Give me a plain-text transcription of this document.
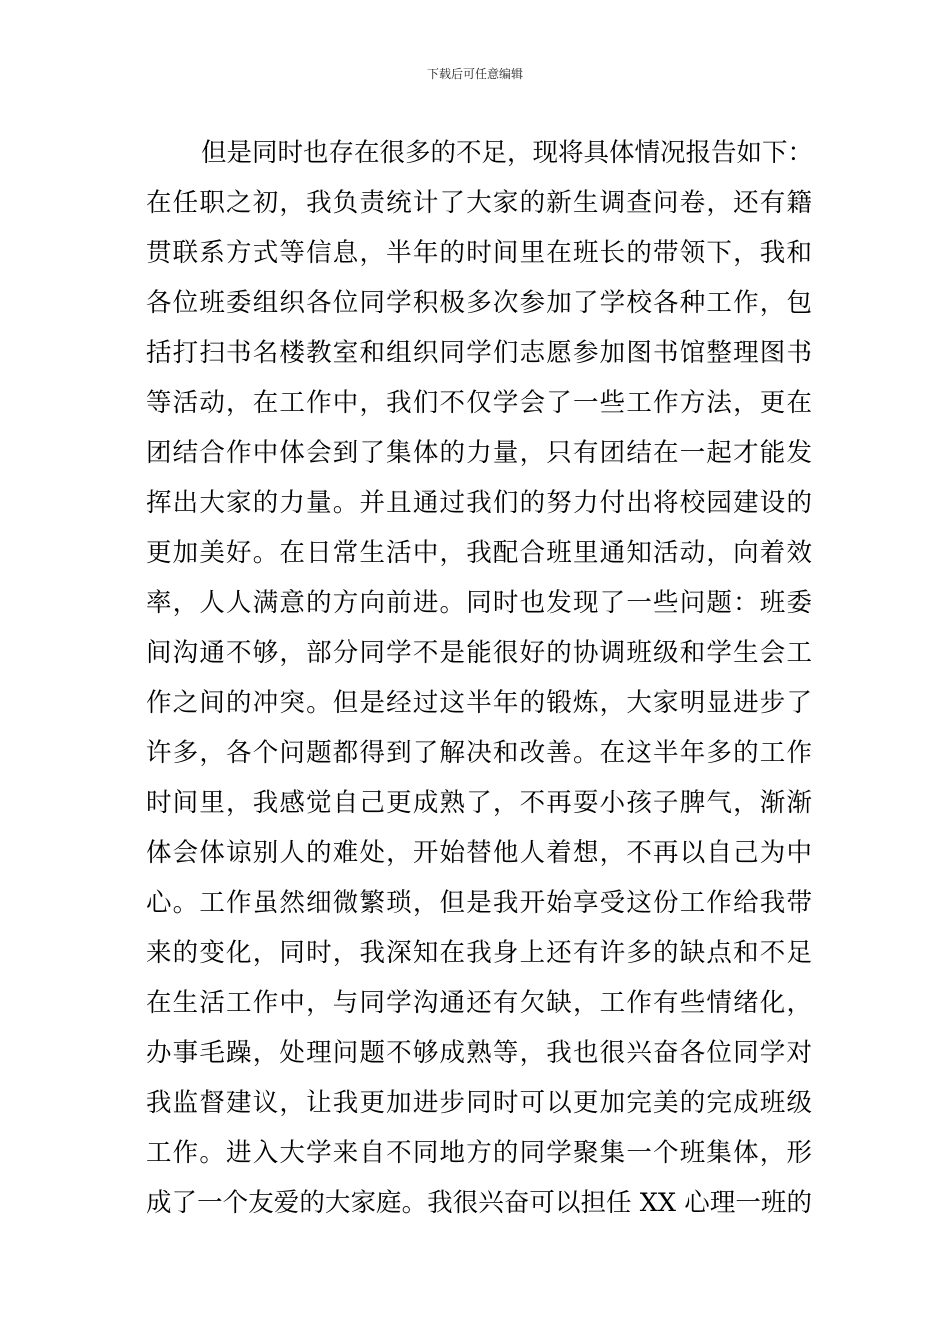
下载后可任意编辑
但是同时也存在很多的不足，现将具体情况报告如下：
在任职之初，我负责统计了大家的新生调查问卷，还有籍
贯联系方式等信息，半年的时间里在班长的带领下，我和
各位班委组织各位同学积极多次参加了学校各种工作，包
括打扫书名楼教室和组织同学们志愿参加图书馆整理图书
等活动，在工作中，我们不仅学会了一些工作方法，更在
团结合作中体会到了集体的力量，只有团结在一起才能发
挥出大家的力量。并且通过我们的努力付出将校园建设的
更加美好。在日常生活中，我配合班里通知活动，向着效
率，人人满意的方向前进。同时也发现了一些问题：班委
间沟通不够，部分同学不是能很好的协调班级和学生会工
作之间的冲突。但是经过这半年的锻炼，大家明显进步了
许多，各个问题都得到了解决和改善。在这半年多的工作
时间里，我感觉自己更成熟了，不再耍小孩子脾气，渐渐
体会体谅别人的难处，开始替他人着想，不再以自己为中
心。工作虽然细微繁琐，但是我开始享受这份工作给我带
来的变化，同时，我深知在我身上还有许多的缺点和不足
在生活工作中，与同学沟通还有欠缺，工作有些情绪化，
办事毛躁，处理问题不够成熟等，我也很兴奋各位同学对
我监督建议，让我更加进步同时可以更加完美的完成班级
工作。进入大学来自不同地方的同学聚集一个班集体，形
成了一个友爱的大家庭。我很兴奋可以担任 XX 心理一班的
